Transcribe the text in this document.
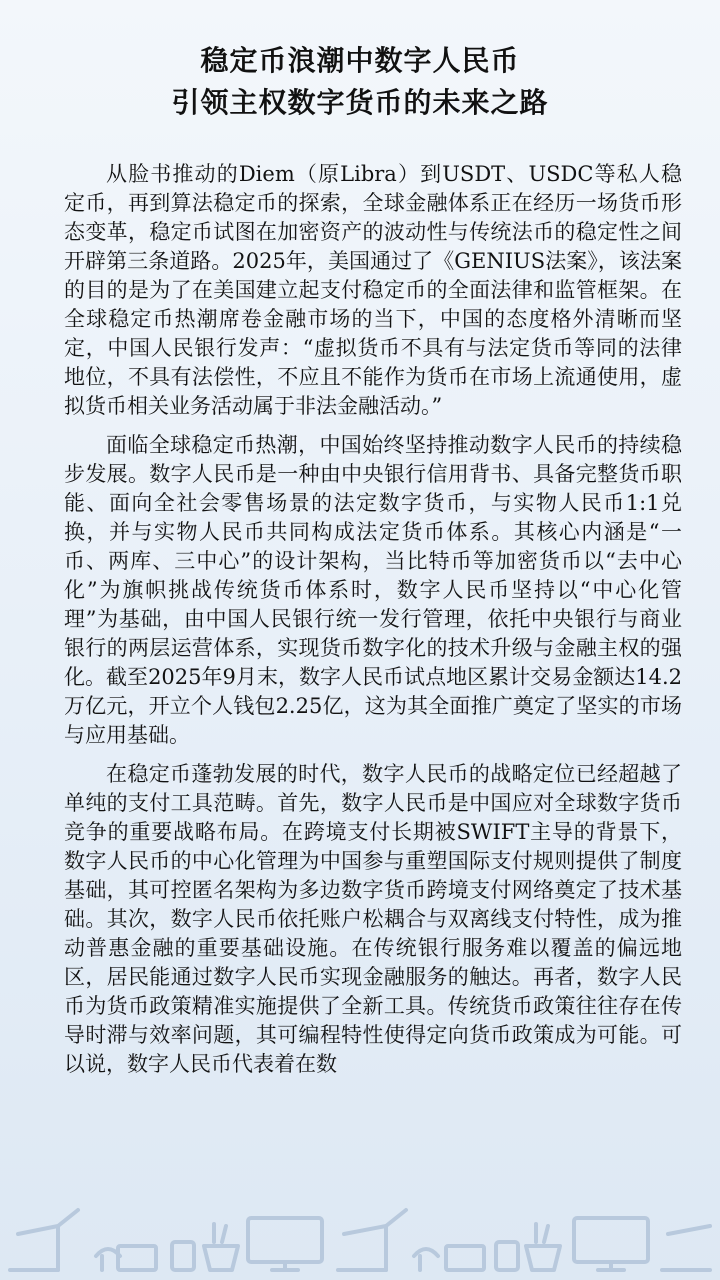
稳定币浪潮中数字人民币
引领主权数字货币的未来之路

从脸书推动的Diem（原Libra）到USDT、USDC等私人稳定币，再到算法稳定币的探索，全球金融体系正在经历一场货币形态变革，稳定币试图在加密资产的波动性与传统法币的稳定性之间开辟第三条道路。2025年，美国通过了《GENIUS法案》，该法案的目的是为了在美国建立起支付稳定币的全面法律和监管框架。在全球稳定币热潮席卷金融市场的当下，中国的态度格外清晰而坚定，中国人民银行发声：“虚拟货币不具有与法定货币等同的法律地位，不具有法偿性，不应且不能作为货币在市场上流通使用，虚拟货币相关业务活动属于非法金融活动。”

面临全球稳定币热潮，中国始终坚持推动数字人民币的持续稳步发展。数字人民币是一种由中央银行信用背书、具备完整货币职能、面向全社会零售场景的法定数字货币，与实物人民币1:1兑换，并与实物人民币共同构成法定货币体系。其核心内涵是“一币、两库、三中心”的设计架构，当比特币等加密货币以“去中心化”为旗帜挑战传统货币体系时，数字人民币坚持以“中心化管理”为基础，由中国人民银行统一发行管理，依托中央银行与商业银行的两层运营体系，实现货币数字化的技术升级与金融主权的强化。截至2025年9月末，数字人民币试点地区累计交易金额达14.2万亿元，开立个人钱包2.25亿，这为其全面推广奠定了坚实的市场与应用基础。

在稳定币蓬勃发展的时代，数字人民币的战略定位已经超越了单纯的支付工具范畴。首先，数字人民币是中国应对全球数字货币竞争的重要战略布局。在跨境支付长期被SWIFT主导的背景下，数字人民币的中心化管理为中国参与重塑国际支付规则提供了制度基础，其可控匿名架构为多边数字货币跨境支付网络奠定了技术基础。其次，数字人民币依托账户松耦合与双离线支付特性，成为推动普惠金融的重要基础设施。在传统银行服务难以覆盖的偏远地区，居民能通过数字人民币实现金融服务的触达。再者，数字人民币为货币政策精准实施提供了全新工具。传统货币政策往往存在传导时滞与效率问题，其可编程特性使得定向货币政策成为可能。可以说，数字人民币代表着在数
